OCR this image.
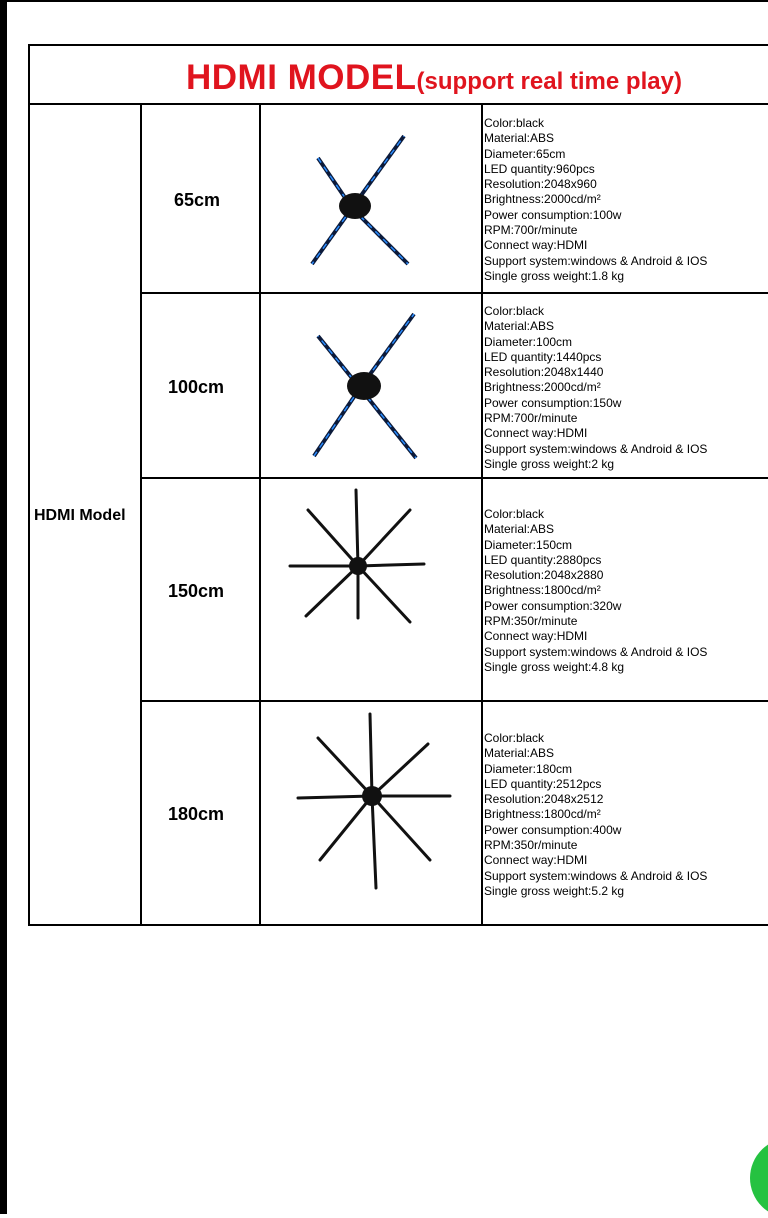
HDMI MODEL(support real time play)
HDMI Model
65cm
Color:black
Material:ABS
Diameter:65cm
LED quantity:960pcs
Resolution:2048x960
Brightness:2000cd/m²
Power consumption:100w
RPM:700r/minute
Connect way:HDMI
Support system:windows & Android & IOS
Single gross weight:1.8 kg
100cm
Color:black
Material:ABS
Diameter:100cm
LED quantity:1440pcs
Resolution:2048x1440
Brightness:2000cd/m²
Power consumption:150w
RPM:700r/minute
Connect way:HDMI
Support system:windows & Android & IOS
Single gross weight:2 kg
150cm
Color:black
Material:ABS
Diameter:150cm
LED quantity:2880pcs
Resolution:2048x2880
Brightness:1800cd/m²
Power consumption:320w
RPM:350r/minute
Connect way:HDMI
Support system:windows & Android & IOS
Single gross weight:4.8 kg
180cm
Color:black
Material:ABS
Diameter:180cm
LED quantity:2512pcs
Resolution:2048x2512
Brightness:1800cd/m²
Power consumption:400w
RPM:350r/minute
Connect way:HDMI
Support system:windows & Android & IOS
Single gross weight:5.2 kg
